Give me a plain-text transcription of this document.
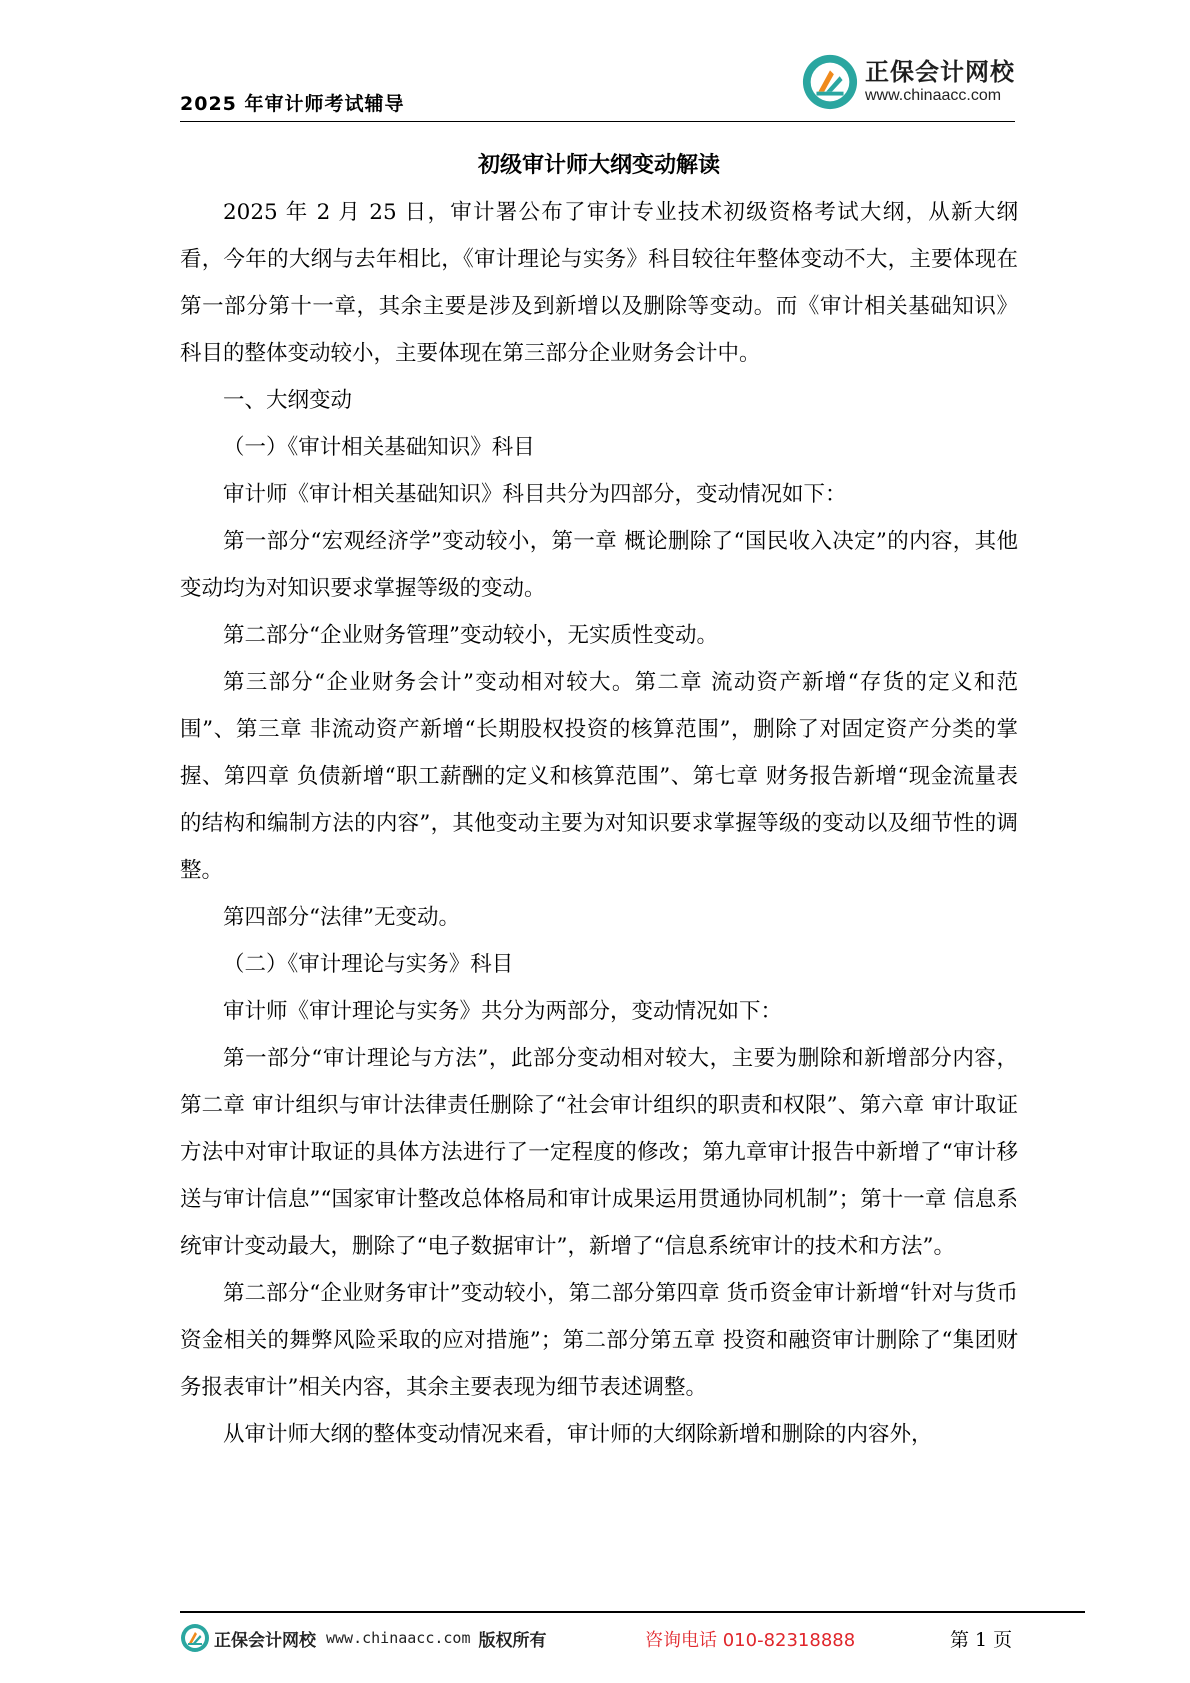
2025 年审计师考试辅导
正保会计网校
www.chinaacc.com
初级审计师大纲变动解读

2025 年 2 月 25 日，审计署公布了审计专业技术初级资格考试大纲，从新大纲看，今年的大纲与去年相比，《审计理论与实务》科目较往年整体变动不大，主要体现在第一部分第十一章，其余主要是涉及到新增以及删除等变动。而《审计相关基础知识》科目的整体变动较小，主要体现在第三部分企业财务会计中。

一、大纲变动

（一）《审计相关基础知识》科目

审计师《审计相关基础知识》科目共分为四部分，变动情况如下：

第一部分“宏观经济学”变动较小，第一章 概论删除了“国民收入决定”的内容，其他变动均为对知识要求掌握等级的变动。

第二部分“企业财务管理”变动较小，无实质性变动。

第三部分“企业财务会计”变动相对较大。第二章 流动资产新增“存货的定义和范围”、第三章 非流动资产新增“长期股权投资的核算范围”，删除了对固定资产分类的掌握、第四章 负债新增“职工薪酬的定义和核算范围”、第七章 财务报告新增“现金流量表的结构和编制方法的内容”，其他变动主要为对知识要求掌握等级的变动以及细节性的调整。

第四部分“法律”无变动。

（二）《审计理论与实务》科目

审计师《审计理论与实务》共分为两部分，变动情况如下：

第一部分“审计理论与方法”，此部分变动相对较大，主要为删除和新增部分内容，第二章 审计组织与审计法律责任删除了“社会审计组织的职责和权限”、第六章 审计取证方法中对审计取证的具体方法进行了一定程度的修改；第九章审计报告中新增了“审计移送与审计信息”“国家审计整改总体格局和审计成果运用贯通协同机制”；第十一章 信息系统审计变动最大，删除了“电子数据审计”，新增了“信息系统审计的技术和方法”。

第二部分“企业财务审计”变动较小，第二部分第四章 货币资金审计新增“针对与货币资金相关的舞弊风险采取的应对措施”；第二部分第五章 投资和融资审计删除了“集团财务报表审计”相关内容，其余主要表现为细节表述调整。

从审计师大纲的整体变动情况来看，审计师的大纲除新增和删除的内容外，

正保会计网校 www.chinaacc.com 版权所有	咨询电话 010-82318888	第 1 页
